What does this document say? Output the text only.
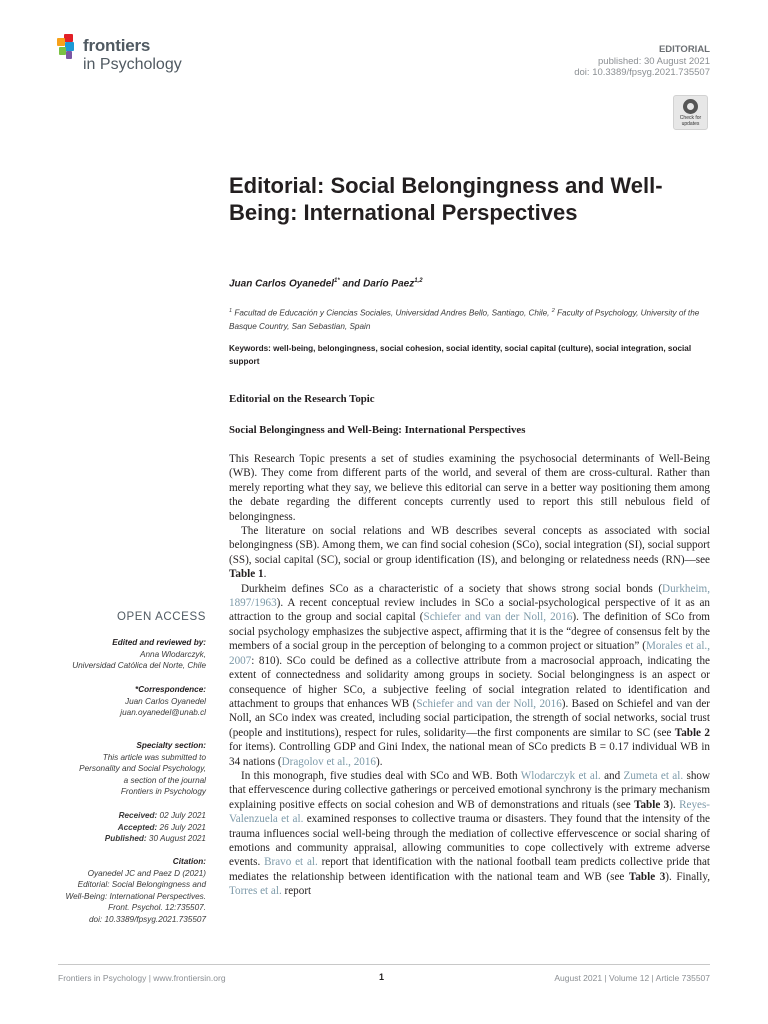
frontiers
in Psychology
EDITORIAL
published: 30 August 2021
doi: 10.3389/fpsyg.2021.735507
Check for
updates
Editorial: Social Belongingness and Well-Being: International Perspectives
Juan Carlos Oyanedel$^{1*}$ and Darío Paez$^{1,2}$
$^1$ Facultad de Educación y Ciencias Sociales, Universidad Andres Bello, Santiago, Chile, $^2$ Faculty of Psychology, University of the Basque Country, San Sebastian, Spain
Keywords: well-being, belongingness, social cohesion, social identity, social capital (culture), social integration, social support
Editorial on the Research Topic
Social Belongingness and Well-Being: International Perspectives

This Research Topic presents a set of studies examining the psychosocial determinants of Well-Being (WB). They come from different parts of the world, and several of them are cross-cultural. Rather than merely reporting what they say, we believe this editorial can serve in a better way positioning them among the debate regarding the different concepts currently used to report this still nebulous field of belongingness.

The literature on social relations and WB describes several concepts as associated with social belongingness (SB). Among them, we can find social cohesion (SCo), social integration (SI), social support (SS), social capital (SC), social or group identification (IS), and belonging or relatedness needs (RN)—see Table 1.

Durkheim defines SCo as a characteristic of a society that shows strong social bonds (Durkheim, 1897/1963). A recent conceptual review includes in SCo a social-psychological perspective of it as an attraction to the group and social capital (Schiefer and van der Noll, 2016). The definition of SCo from social psychology emphasizes the subjective aspect, affirming that it is the “degree of consensus felt by the members of a social group in the perception of belonging to a common project or situation” (Morales et al., 2007: 810). SCo could be defined as a collective attribute from a macrosocial approach, indicating the extent of connectedness and solidarity among groups in society. Social belongingness is an aspect or consequence of higher SCo, a subjective feeling of social integration related to identification and attachment to groups that enhances WB (Schiefer and van der Noll, 2016). Based on Schiefel and van der Noll, an SCo index was created, including social participation, the strength of social networks, social trust (people and institutions), respect for rules, solidarity—the first components are similar to SC (see Table 2 for items). Controlling GDP and Gini Index, the national mean of SCo predicts B = 0.17 individual WB in 34 nations (Dragolov et al., 2016).

In this monograph, five studies deal with SCo and WB. Both Wlodarczyk et al. and Zumeta et al. show that effervescence during collective gatherings or perceived emotional synchrony is the primary mechanism explaining positive effects on social cohesion and WB of demonstrations and rituals (see Table 3). Reyes-Valenzuela et al. examined responses to collective trauma or disasters. They found that the intensity of the trauma influences social well-being through the mediation of collective effervescence or social sharing of emotions and community appraisal, allowing communities to cope collectively with extreme adverse events. Bravo et al. report that identification with the national football team predicts collective pride that mediates the relationship between identification with the national team and WB (see Table 3). Finally, Torres et al. report

OPEN ACCESS
Edited and reviewed by:
Anna Wlodarczyk,
Universidad Católica del Norte, Chile
*Correspondence:
Juan Carlos Oyanedel
juan.oyanedel@unab.cl
Specialty section:
This article was submitted to
Personality and Social Psychology,
a section of the journal
Frontiers in Psychology
Received: 02 July 2021
Accepted: 26 July 2021
Published: 30 August 2021
Citation:
Oyanedel JC and Paez D (2021)
Editorial: Social Belongingness and
Well-Being: International Perspectives.
Front. Psychol. 12:735507.
doi: 10.3389/fpsyg.2021.735507
Frontiers in Psychology | www.frontiersin.org	1	August 2021 | Volume 12 | Article 735507
